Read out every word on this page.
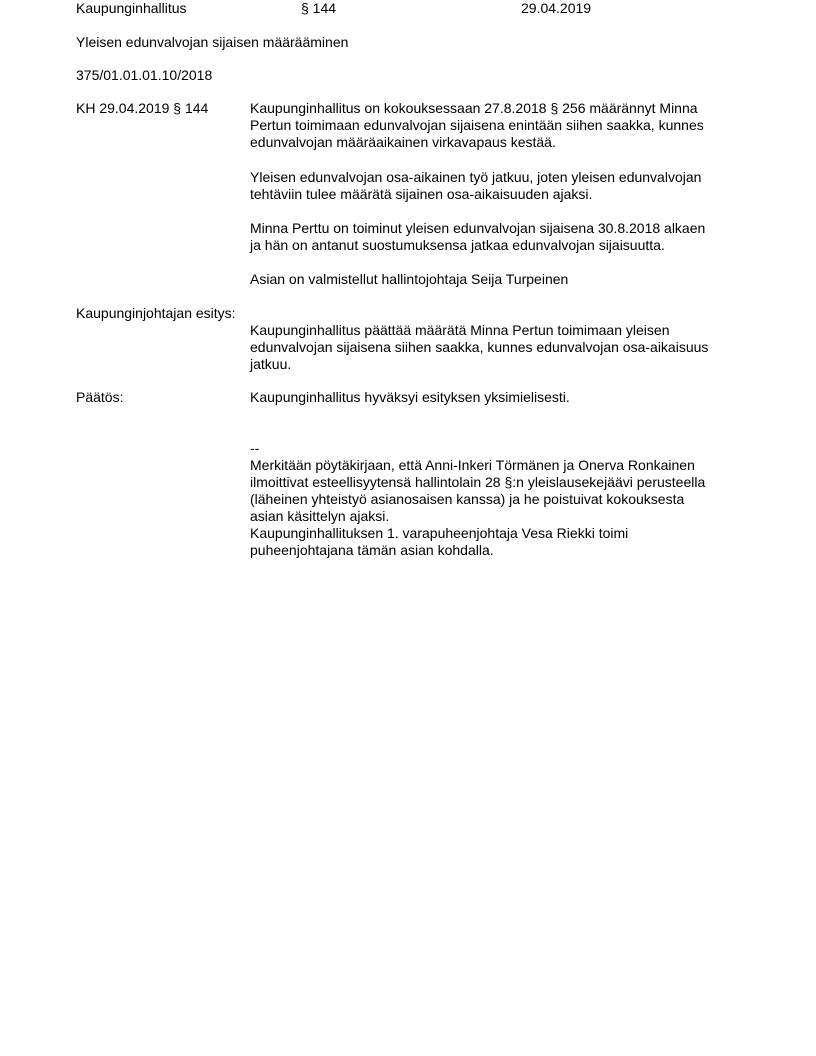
Kaupunginhallitus	§ 144	29.04.2019
Yleisen edunvalvojan sijaisen määrääminen
375/01.01.01.10/2018
KH 29.04.2019 § 144	Kaupunginhallitus on kokouksessaan 27.8.2018 § 256 määrännyt Minna
Pertun toimimaan edunvalvojan sijaisena enintään siihen saakka, kunnes
edunvalvojan määräaikainen virkavapaus kestää.
Yleisen edunvalvojan osa-aikainen työ jatkuu, joten yleisen edunvalvojan
tehtäviin tulee määrätä sijainen osa-aikaisuuden ajaksi.
Minna Perttu on toiminut yleisen edunvalvojan sijaisena 30.8.2018 alkaen
ja hän on antanut suostumuksensa jatkaa edunvalvojan sijaisuutta.
Asian on valmistellut hallintojohtaja Seija Turpeinen
Kaupunginjohtajan esitys:
Kaupunginhallitus päättää määrätä Minna Pertun toimimaan yleisen
edunvalvojan sijaisena siihen saakka, kunnes edunvalvojan osa-aikaisuus
jatkuu.
Päätös:	Kaupunginhallitus hyväksyi esityksen yksimielisesti.
--
Merkitään pöytäkirjaan, että Anni-Inkeri Törmänen ja Onerva Ronkainen
ilmoittivat esteellisyytensä hallintolain 28 §:n yleislausekejäävi perusteella
(läheinen yhteistyö asianosaisen kanssa) ja he poistuivat kokouksesta
asian käsittelyn ajaksi.
Kaupunginhallituksen 1. varapuheenjohtaja Vesa Riekki toimi
puheenjohtajana tämän asian kohdalla.
